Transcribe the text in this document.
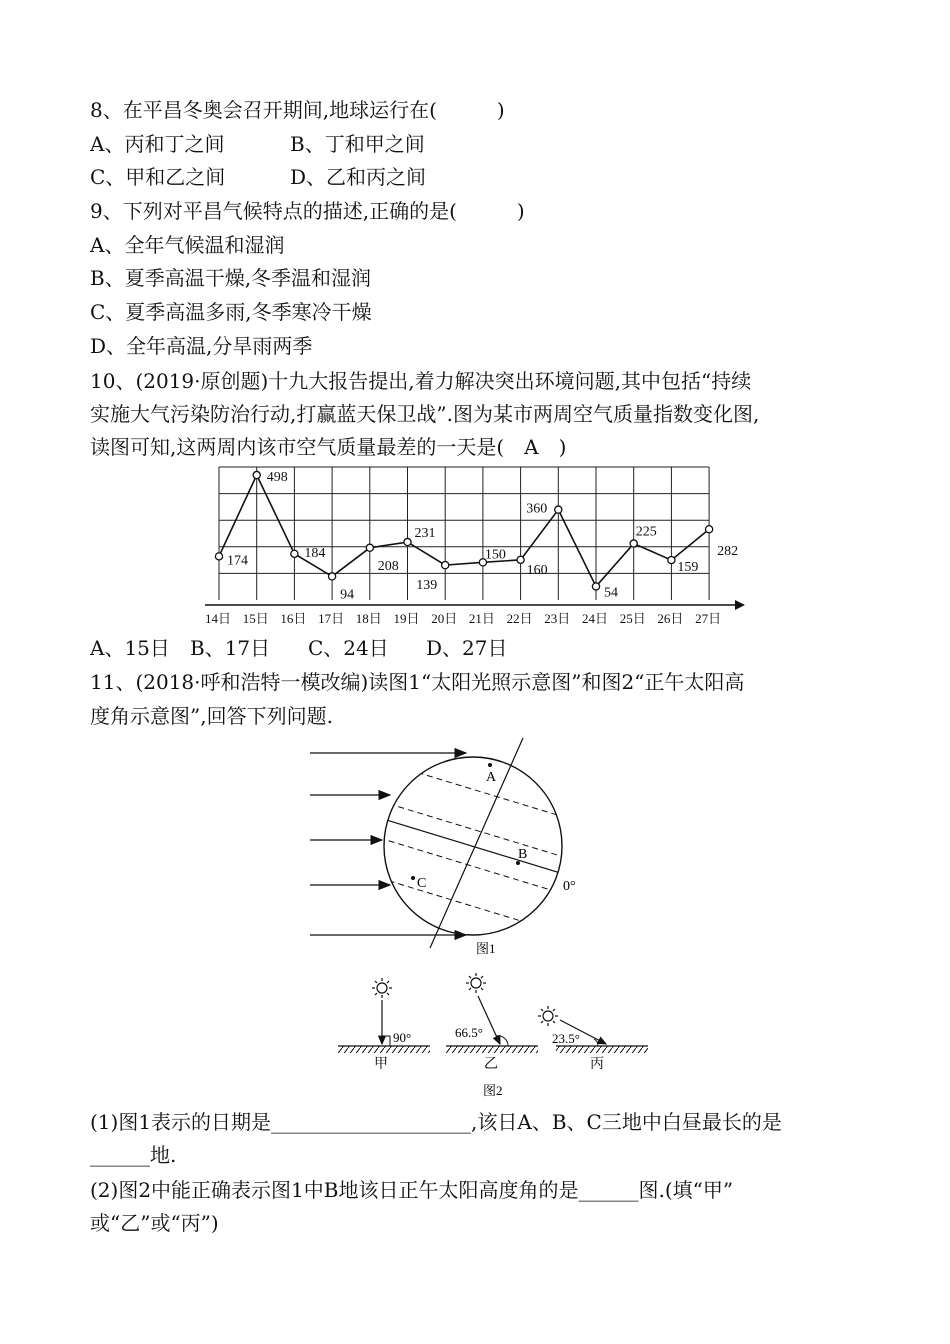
8、在平昌冬奥会召开期间,地球运行在(　　　)
A、丙和丁之间	B、丁和甲之间
C、甲和乙之间	D、乙和丙之间
9、下列对平昌气候特点的描述,正确的是(　　　)
A、全年气候温和湿润
B、夏季高温干燥,冬季温和湿润
C、夏季高温多雨,冬季寒冷干燥
D、全年高温,分旱雨两季
10、(2019·原创题)十九大报告提出,着力解决突出环境问题,其中包括“持续
实施大气污染防治行动,打赢蓝天保卫战”.图为某市两周空气质量指数变化图,
读图可知,这两周内该市空气质量最差的一天是(　A　)
174
498
184
94
208
231
139
150
160
360
54
225
159
282
14日 15日 16日 17日 18日 19日 20日 21日 22日 23日 24日 25日 26日 27日
A、15日 B、17日 C、24日 D、27日
11、(2018·呼和浩特一模改编)读图1“太阳光照示意图”和图2“正午太阳高
度角示意图”,回答下列问题.
A
B
C	0°
图1
90°
甲
66.5°
乙
23.5°
丙
图2
(1)图1表示的日期是____________________,该日A、B、C三地中白昼最长的是
______地.
(2)图2中能正确表示图1中B地该日正午太阳高度角的是______图.(填“甲”
或“乙”或“丙”)
